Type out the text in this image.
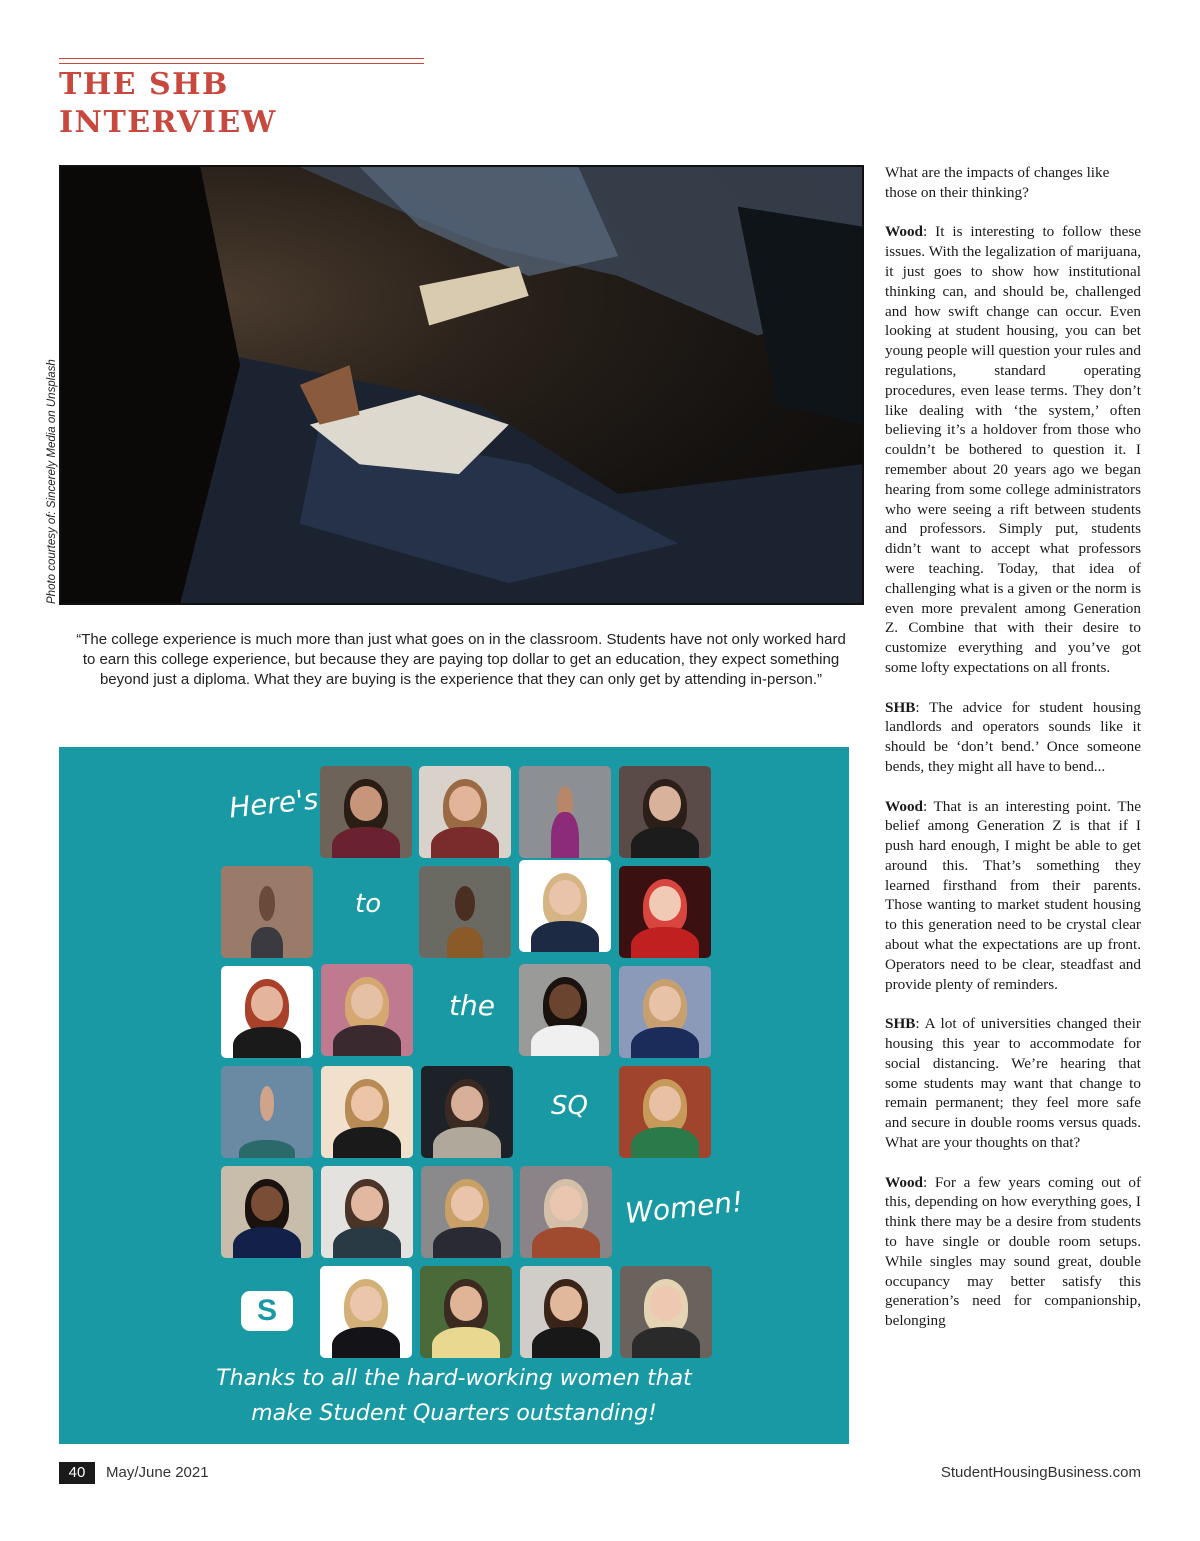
THE SHB INTERVIEW
Photo courtesy of: Sincerely Media on Unsplash
“The college experience is much more than just what goes on in the classroom. Students have not only worked hard to earn this college experience, but because they are paying top dollar to get an education, they expect something beyond just a diploma. What they are buying is the experience that they can only get by attending in-person.”
Here's
to
the
SQ
Women!
S
Thanks to all the hard-working women that
make Student Quarters outstanding!

What are the impacts of changes like those on their thinking?

Wood: It is interesting to follow these issues. With the legalization of marijuana, it just goes to show how institutional thinking can, and should be, challenged and how swift change can occur. Even looking at student housing, you can bet young people will question your rules and regulations, standard operating procedures, even lease terms. They don’t like dealing with ‘the system,’ often believing it’s a holdover from those who couldn’t be bothered to question it. I remember about 20 years ago we began hearing from some college administrators who were seeing a rift between students and professors. Simply put, students didn’t want to accept what professors were teaching. Today, that idea of challenging what is a given or the norm is even more prevalent among Generation Z. Combine that with their desire to customize everything and you’ve got some lofty expectations on all fronts.

SHB: The advice for student housing landlords and operators sounds like it should be ‘don’t bend.’ Once someone bends, they might all have to bend...

Wood: That is an interesting point. The belief among Generation Z is that if I push hard enough, I might be able to get around this. That’s something they learned firsthand from their parents. Those wanting to market student housing to this generation need to be crystal clear about what the expectations are up front. Operators need to be clear, steadfast and provide plenty of reminders.

SHB: A lot of universities changed their housing this year to accommodate for social distancing. We’re hearing that some students may want that change to remain permanent; they feel more safe and secure in double rooms versus quads. What are your thoughts on that?

Wood: For a few years coming out of this, depending on how everything goes, I think there may be a desire from students to have single or double room setups. While singles may sound great, double occupancy may better satisfy this generation’s need for companionship, belonging

40	May/June 2021	StudentHousingBusiness.com
